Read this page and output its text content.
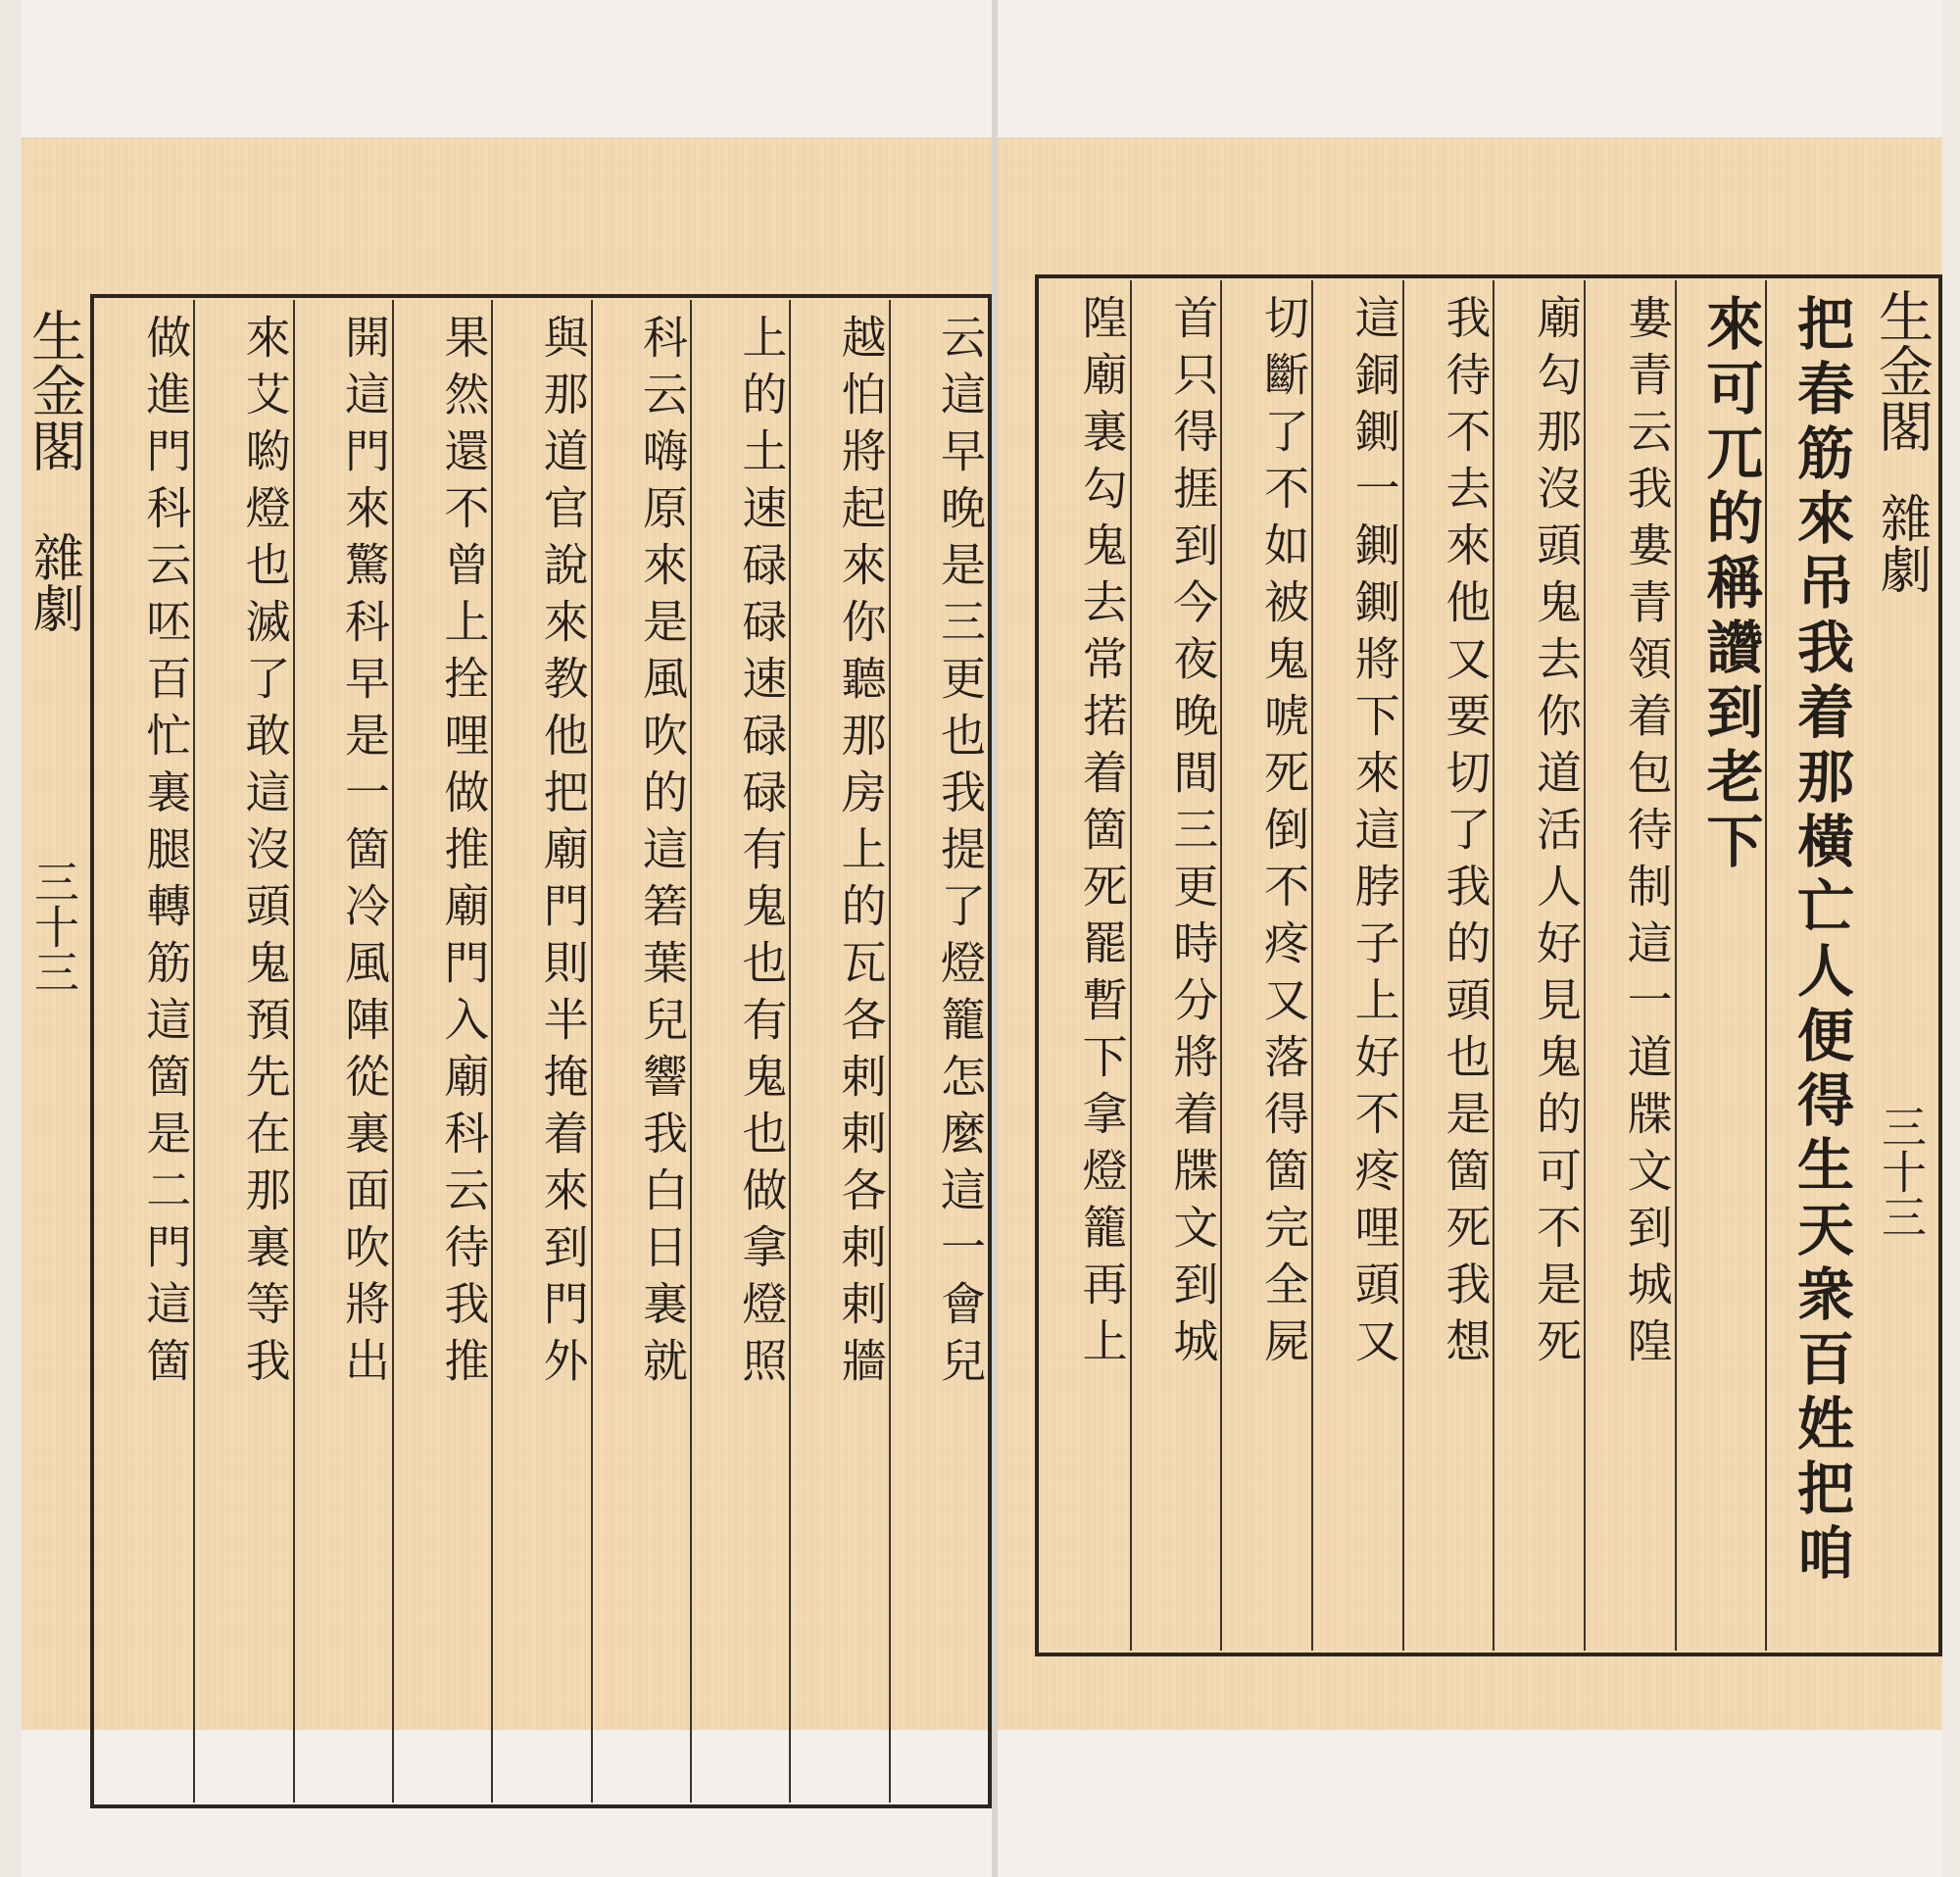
生金閣
雜劇
三十三	云這早晚是三更也我提了燈籠怎麼這一會兒
越怕將起來你聽那房上的瓦各剌剌各剌剌牆
上的土速碌碌速碌碌有鬼也有鬼也做拿燈照
科云嗨原來是風吹的這箬葉兒響我白日裏就
與那道官說來教他把廟門則半掩着來到門外
果然還不曾上拴哩做推廟門入廟科云待我推
開這門來驚科早是一箇冷風陣從裏面吹將出
來艾喲燈也滅了敢這沒頭鬼預先在那裏等我
做進門科云呸百忙裏腿轉筋這箇是二門這箇	把春筋來吊我着那橫亡人便得生天衆百姓把咱
來可兀的稱讚到老下
婁青云我婁青領着包待制這一道牒文到城隍
廟勾那沒頭鬼去你道活人好見鬼的可不是死
我待不去來他又要切了我的頭也是箇死我想
這銅鍘一鍘鍘將下來這脖子上好不疼哩頭又
切斷了不如被鬼唬死倒不疼又落得箇完全屍
首只得捱到今夜晚間三更時分將着牒文到城
隍廟裏勾鬼去常掿着箇死罷暫下拿燈籠再上	生金閣
雜劇
三十三
